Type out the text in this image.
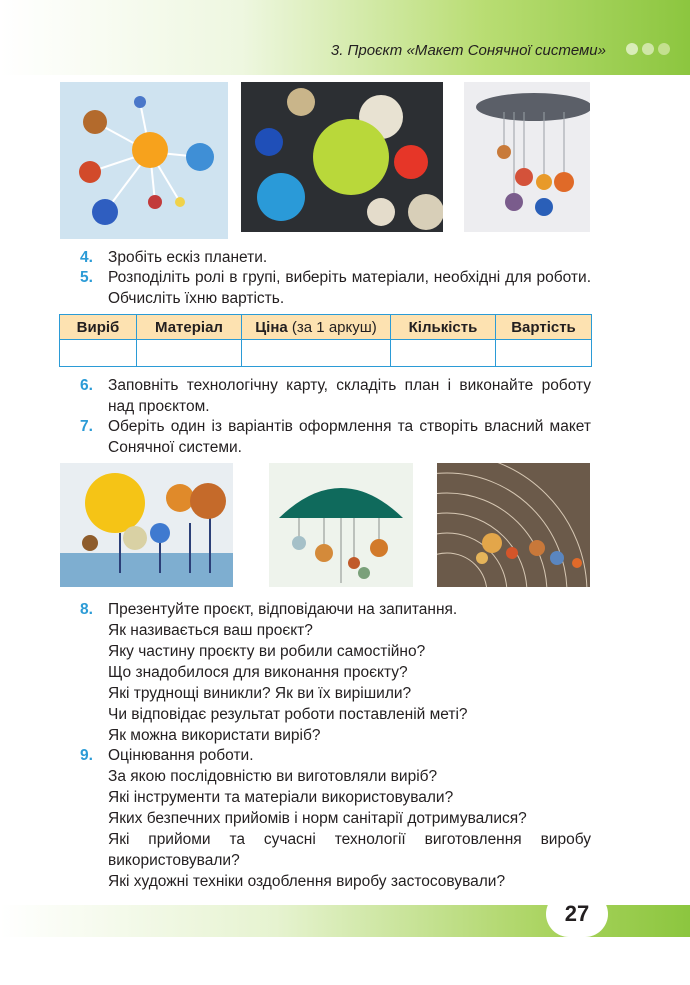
3. Проєкт «Макет Сонячної системи»
4. Зробіть ескіз планети.
5. Розподіліть ролі в групі, виберіть матеріали, необхідні для роботи. Обчисліть їхню вартість.
Виріб	Матеріал	Ціна (за 1 аркуш)	Кількість	Вартість

6. Заповніть технологічну карту, складіть план і виконайте роботу над проєктом.
7. Оберіть один із варіантів оформлення та створіть власний макет Сонячної системи.
8. Презентуйте проєкт, відповідаючи на запитання.
Як називається ваш проєкт?
Яку частину проєкту ви робили самостійно?
Що знадобилося для виконання проєкту?
Які труднощі виникли? Як ви їх вирішили?
Чи відповідає результат роботи поставленій меті?
Як можна використати виріб?
9. Оцінювання роботи.
За якою послідовністю ви виготовляли виріб?
Які інструменти та матеріали використовували?
Яких безпечних прийомів і норм санітарії дотримувалися?
Які прийоми та сучасні технології виготовлення виробу використовували?
Які художні техніки оздоблення виробу застосовували?
27
